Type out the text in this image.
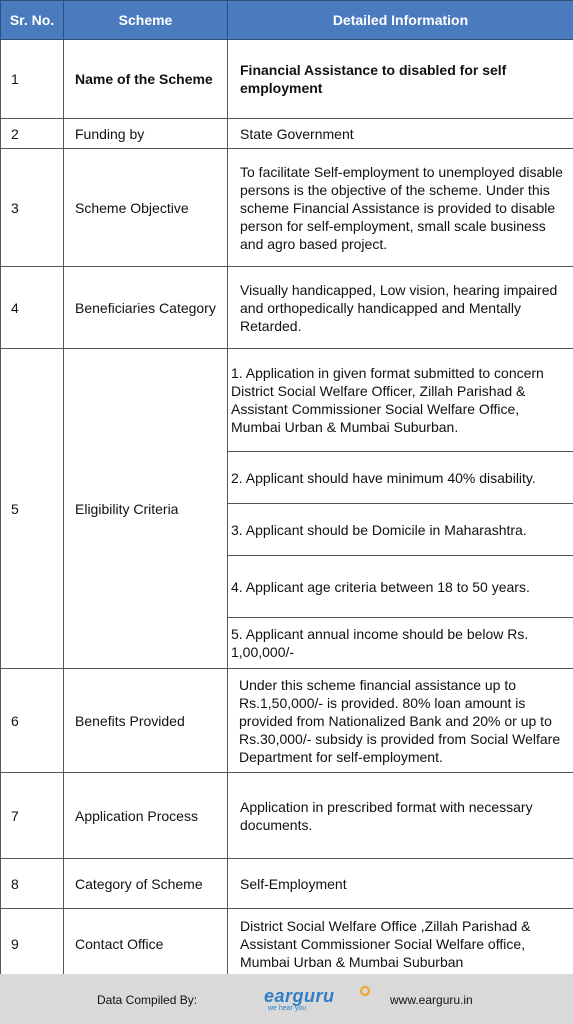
Sr. No.	Scheme	Detailed Information
1	Name of the Scheme	Financial Assistance to disabled for self employment
2	Funding by	State Government
3	Scheme Objective	To facilitate Self-employment to unemployed disable persons is the objective of the scheme. Under this scheme Financial Assistance is provided to disable person for self-employment, small scale business and agro based project.
4	Beneficiaries Category	Visually handicapped, Low vision, hearing impaired and orthopedically handicapped and Mentally Retarded.
5	Eligibility Criteria	1. Application in given format submitted to concern District Social Welfare Officer, Zillah Parishad & Assistant Commissioner Social Welfare Office, Mumbai Urban & Mumbai Suburban.
2. Applicant should have minimum 40% disability.
3. Applicant should be Domicile in Maharashtra.
4. Applicant age criteria between 18 to 50 years.
5. Applicant annual income should be below Rs. 1,00,000/-

6	Benefits Provided	Under this scheme financial assistance up to Rs.1,50,000/- is provided. 80% loan amount is provided from Nationalized Bank and 20% or up to Rs.30,000/- subsidy is provided from Social Welfare Department for self-employment.
7	Application Process	Application in prescribed format with necessary documents.
8	Category of Scheme	Self-Employment
9	Contact Office	District Social Welfare Office ,Zillah Parishad & Assistant Commissioner Social Welfare office, Mumbai Urban & Mumbai Suburban
Data Compiled By:	earguru
we hear you
www.earguru.in
